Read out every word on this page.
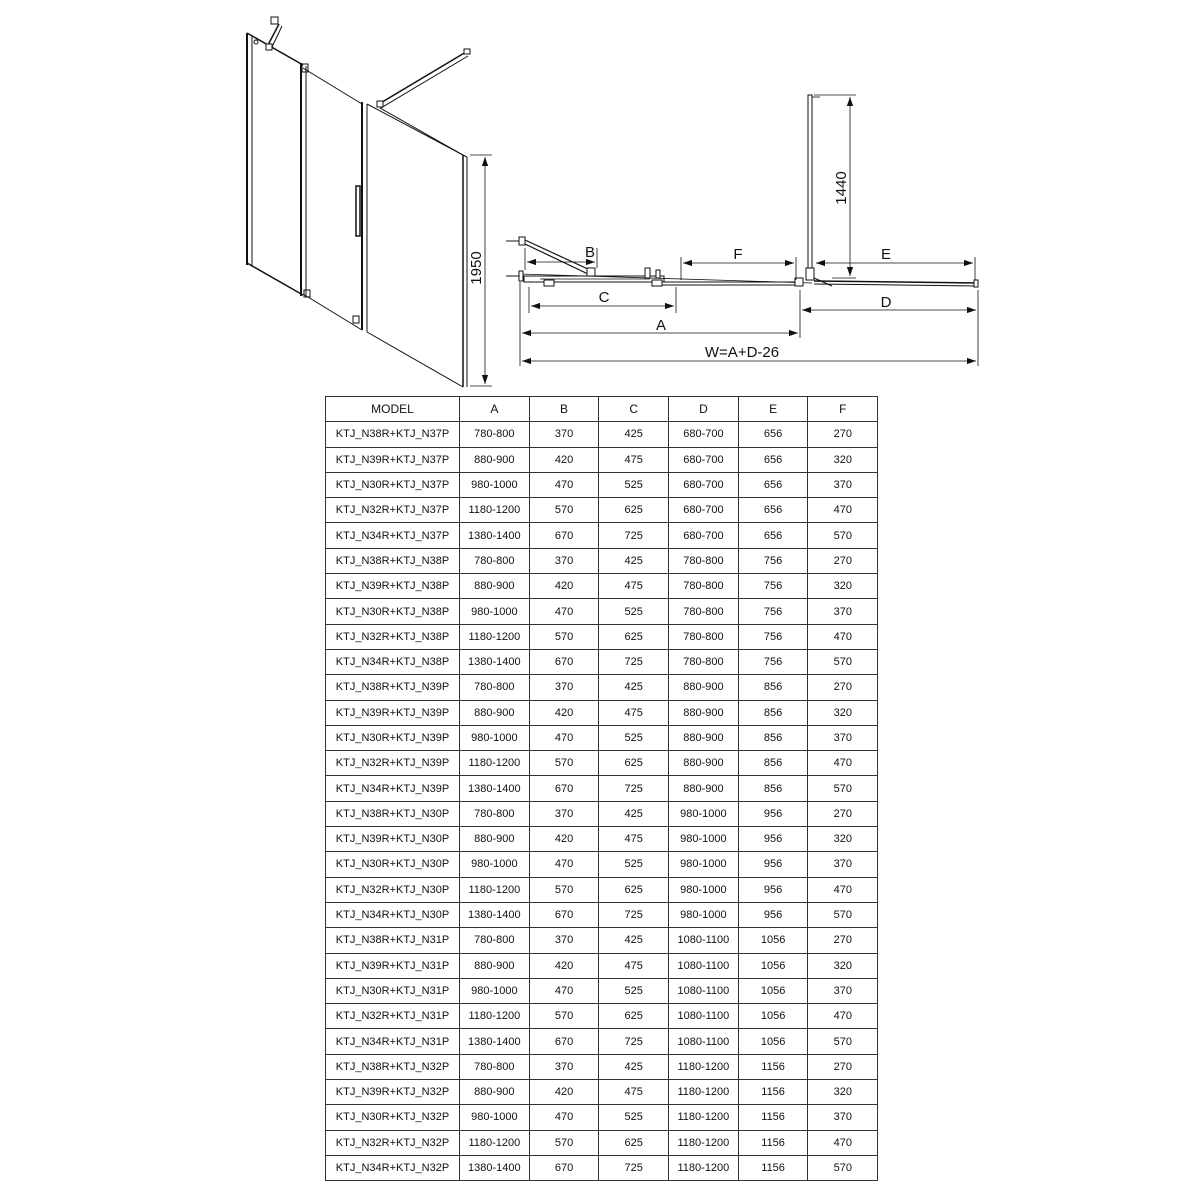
1950	B
C
A
F	E
D
W=A+D-26
1440
MODEL	A	B	C	D	E	F
KTJ_N38R+KTJ_N37P	780-800	370	425	680-700	656	270
KTJ_N39R+KTJ_N37P	880-900	420	475	680-700	656	320
KTJ_N30R+KTJ_N37P	980-1000	470	525	680-700	656	370
KTJ_N32R+KTJ_N37P	1180-1200	570	625	680-700	656	470
KTJ_N34R+KTJ_N37P	1380-1400	670	725	680-700	656	570
KTJ_N38R+KTJ_N38P	780-800	370	425	780-800	756	270
KTJ_N39R+KTJ_N38P	880-900	420	475	780-800	756	320
KTJ_N30R+KTJ_N38P	980-1000	470	525	780-800	756	370
KTJ_N32R+KTJ_N38P	1180-1200	570	625	780-800	756	470
KTJ_N34R+KTJ_N38P	1380-1400	670	725	780-800	756	570
KTJ_N38R+KTJ_N39P	780-800	370	425	880-900	856	270
KTJ_N39R+KTJ_N39P	880-900	420	475	880-900	856	320
KTJ_N30R+KTJ_N39P	980-1000	470	525	880-900	856	370
KTJ_N32R+KTJ_N39P	1180-1200	570	625	880-900	856	470
KTJ_N34R+KTJ_N39P	1380-1400	670	725	880-900	856	570
KTJ_N38R+KTJ_N30P	780-800	370	425	980-1000	956	270
KTJ_N39R+KTJ_N30P	880-900	420	475	980-1000	956	320
KTJ_N30R+KTJ_N30P	980-1000	470	525	980-1000	956	370
KTJ_N32R+KTJ_N30P	1180-1200	570	625	980-1000	956	470
KTJ_N34R+KTJ_N30P	1380-1400	670	725	980-1000	956	570
KTJ_N38R+KTJ_N31P	780-800	370	425	1080-1100	1056	270
KTJ_N39R+KTJ_N31P	880-900	420	475	1080-1100	1056	320
KTJ_N30R+KTJ_N31P	980-1000	470	525	1080-1100	1056	370
KTJ_N32R+KTJ_N31P	1180-1200	570	625	1080-1100	1056	470
KTJ_N34R+KTJ_N31P	1380-1400	670	725	1080-1100	1056	570
KTJ_N38R+KTJ_N32P	780-800	370	425	1180-1200	1156	270
KTJ_N39R+KTJ_N32P	880-900	420	475	1180-1200	1156	320
KTJ_N30R+KTJ_N32P	980-1000	470	525	1180-1200	1156	370
KTJ_N32R+KTJ_N32P	1180-1200	570	625	1180-1200	1156	470
KTJ_N34R+KTJ_N32P	1380-1400	670	725	1180-1200	1156	570
